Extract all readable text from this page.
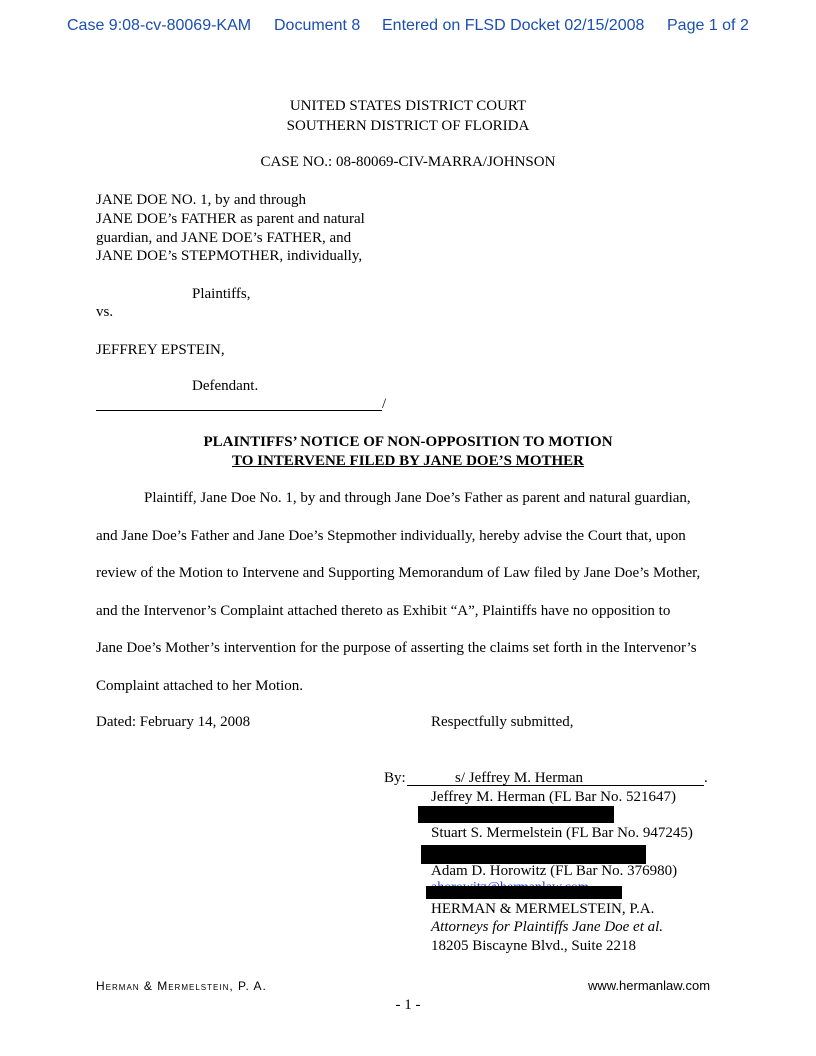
Case 9:08-cv-80069-KAM Document 8 Entered on FLSD Docket 02/15/2008 Page 1 of 2
UNITED STATES DISTRICT COURT
SOUTHERN DISTRICT OF FLORIDA
CASE NO.: 08-80069-CIV-MARRA/JOHNSON
JANE DOE NO. 1, by and through
JANE DOE’s FATHER as parent and natural
guardian, and JANE DOE’s FATHER, and
JANE DOE’s STEPMOTHER, individually,
Plaintiffs,
vs.
JEFFREY EPSTEIN,
Defendant.
/
PLAINTIFFS’ NOTICE OF NON-OPPOSITION TO MOTION
TO INTERVENE FILED BY JANE DOE’S MOTHER
Plaintiff, Jane Doe No. 1, by and through Jane Doe’s Father as parent and natural guardian,
and Jane Doe’s Father and Jane Doe’s Stepmother individually, hereby advise the Court that, upon
review of the Motion to Intervene and Supporting Memorandum of Law filed by Jane Doe’s Mother,
and the Intervenor’s Complaint attached thereto as Exhibit “A”, Plaintiffs have no opposition to
Jane Doe’s Mother’s intervention for the purpose of asserting the claims set forth in the Intervenor’s
Complaint attached to her Motion.
Dated: February 14, 2008	Respectfully submitted,
By:	s/ Jeffrey M. Herman	.
Jeffrey M. Herman (FL Bar No. 521647)
Stuart S. Mermelstein (FL Bar No. 947245)
Adam D. Horowitz (FL Bar No. 376980)
HERMAN & MERMELSTEIN, P.A.
Attorneys for Plaintiffs Jane Doe et al.
18205 Biscayne Blvd., Suite 2218
Herman & Mermelstein, P. A.	www.hermanlaw.com
- 1 -
